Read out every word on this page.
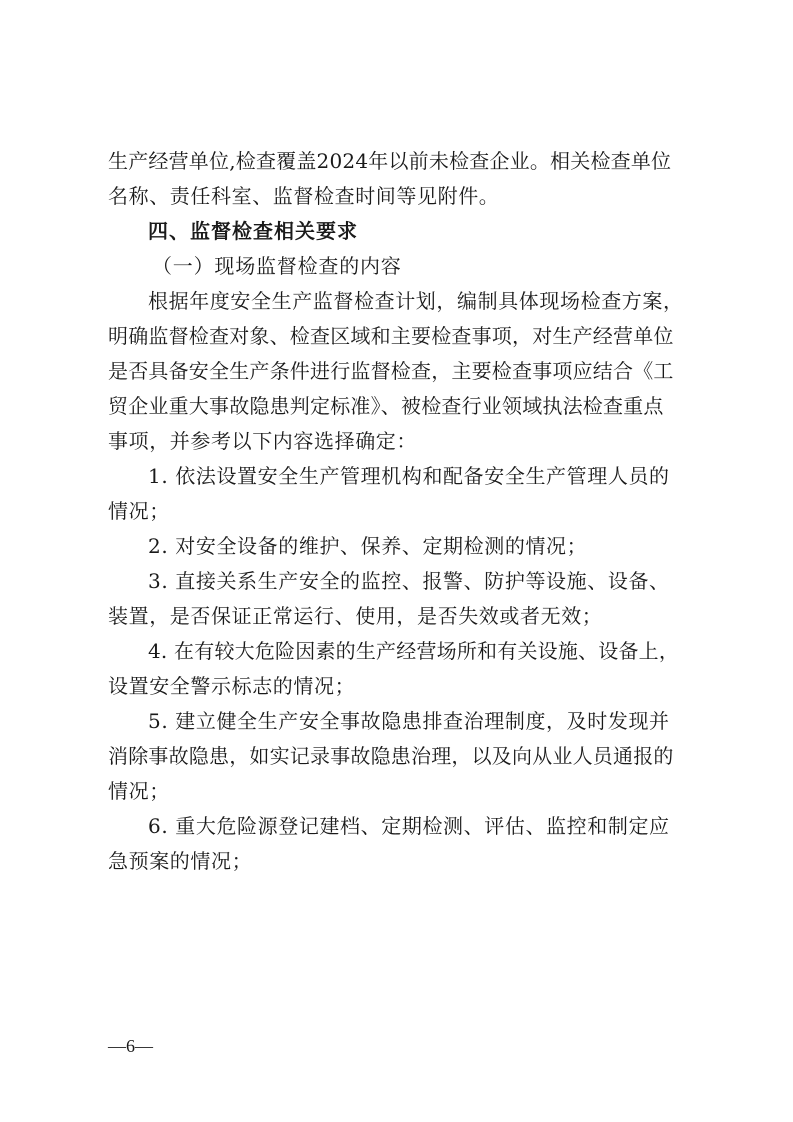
生产经营单位,检查覆盖2024年以前未检查企业。相关检查单位
名称、责任科室、监督检查时间等见附件。
四、监督检查相关要求
（一）现场监督检查的内容
根据年度安全生产监督检查计划，编制具体现场检查方案，
明确监督检查对象、检查区域和主要检查事项，对生产经营单位
是否具备安全生产条件进行监督检查，主要检查事项应结合《工
贸企业重大事故隐患判定标准》、被检查行业领域执法检查重点
事项，并参考以下内容选择确定：
1. 依法设置安全生产管理机构和配备安全生产管理人员的
情况；
2. 对安全设备的维护、保养、定期检测的情况；
3. 直接关系生产安全的监控、报警、防护等设施、设备、
装置，是否保证正常运行、使用，是否失效或者无效；
4. 在有较大危险因素的生产经营场所和有关设施、设备上，
设置安全警示标志的情况；
5. 建立健全生产安全事故隐患排查治理制度，及时发现并
消除事故隐患，如实记录事故隐患治理，以及向从业人员通报的
情况；
6. 重大危险源登记建档、定期检测、评估、监控和制定应
急预案的情况；
—6—
